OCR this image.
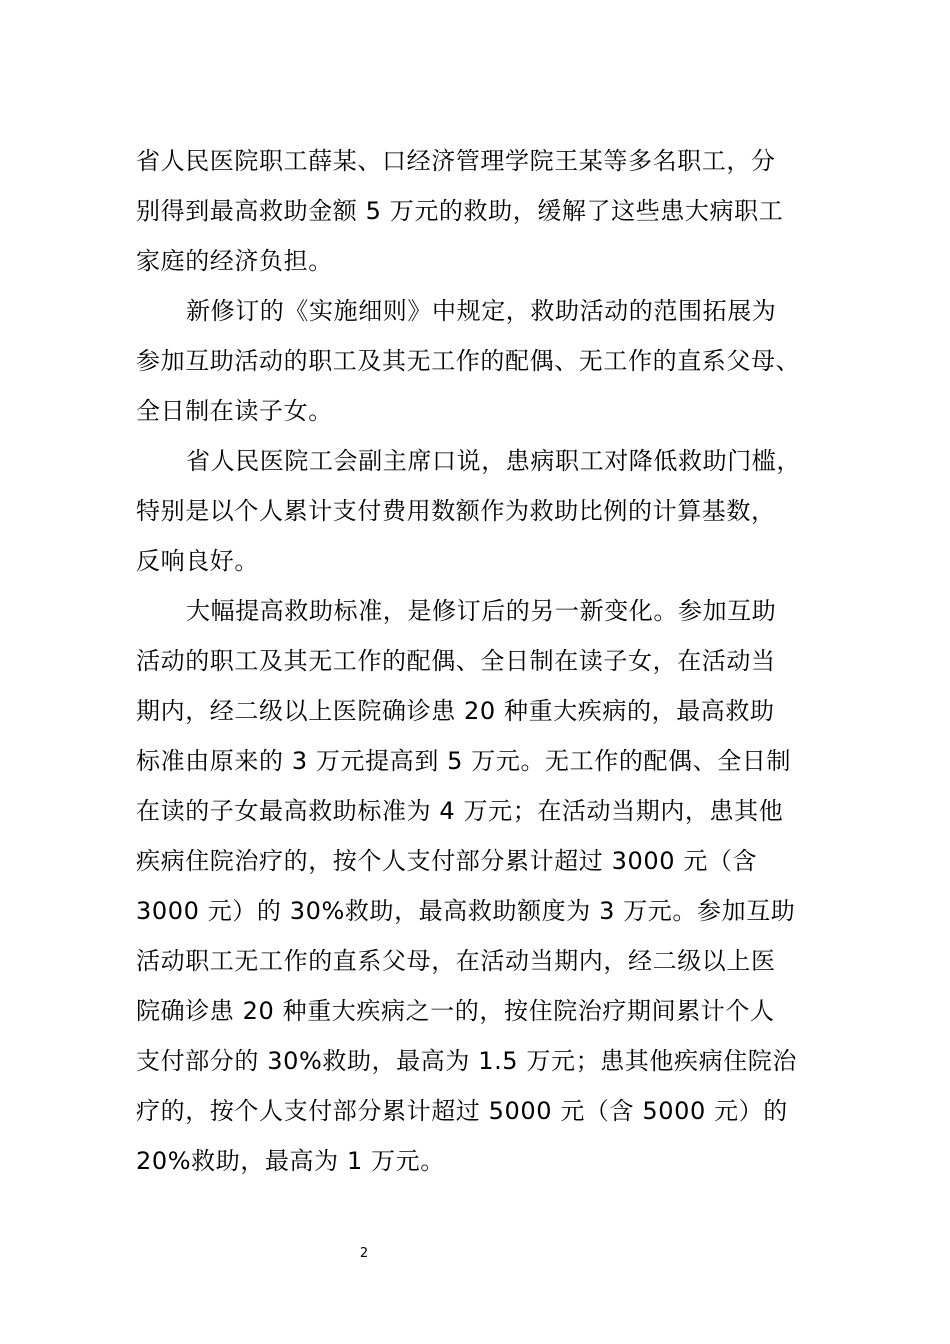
省人民医院职工薛某、口经济管理学院王某等多名职工，分
别得到最高救助金额 5 万元的救助，缓解了这些患大病职工
家庭的经济负担。
新修订的《实施细则》中规定，救助活动的范围拓展为
参加互助活动的职工及其无工作的配偶、无工作的直系父母、
全日制在读子女。
省人民医院工会副主席口说，患病职工对降低救助门槛，
特别是以个人累计支付费用数额作为救助比例的计算基数，
反响良好。
大幅提高救助标准，是修订后的另一新变化。参加互助
活动的职工及其无工作的配偶、全日制在读子女，在活动当
期内，经二级以上医院确诊患 20 种重大疾病的，最高救助
标准由原来的 3 万元提高到 5 万元。无工作的配偶、全日制
在读的子女最高救助标准为 4 万元；在活动当期内，患其他
疾病住院治疗的，按个人支付部分累计超过 3000 元（含
3000 元）的 30%救助，最高救助额度为 3 万元。参加互助
活动职工无工作的直系父母，在活动当期内，经二级以上医
院确诊患 20 种重大疾病之一的，按住院治疗期间累计个人
支付部分的 30%救助，最高为 1.5 万元；患其他疾病住院治
疗的，按个人支付部分累计超过 5000 元（含 5000 元）的
20%救助，最高为 1 万元。
2
